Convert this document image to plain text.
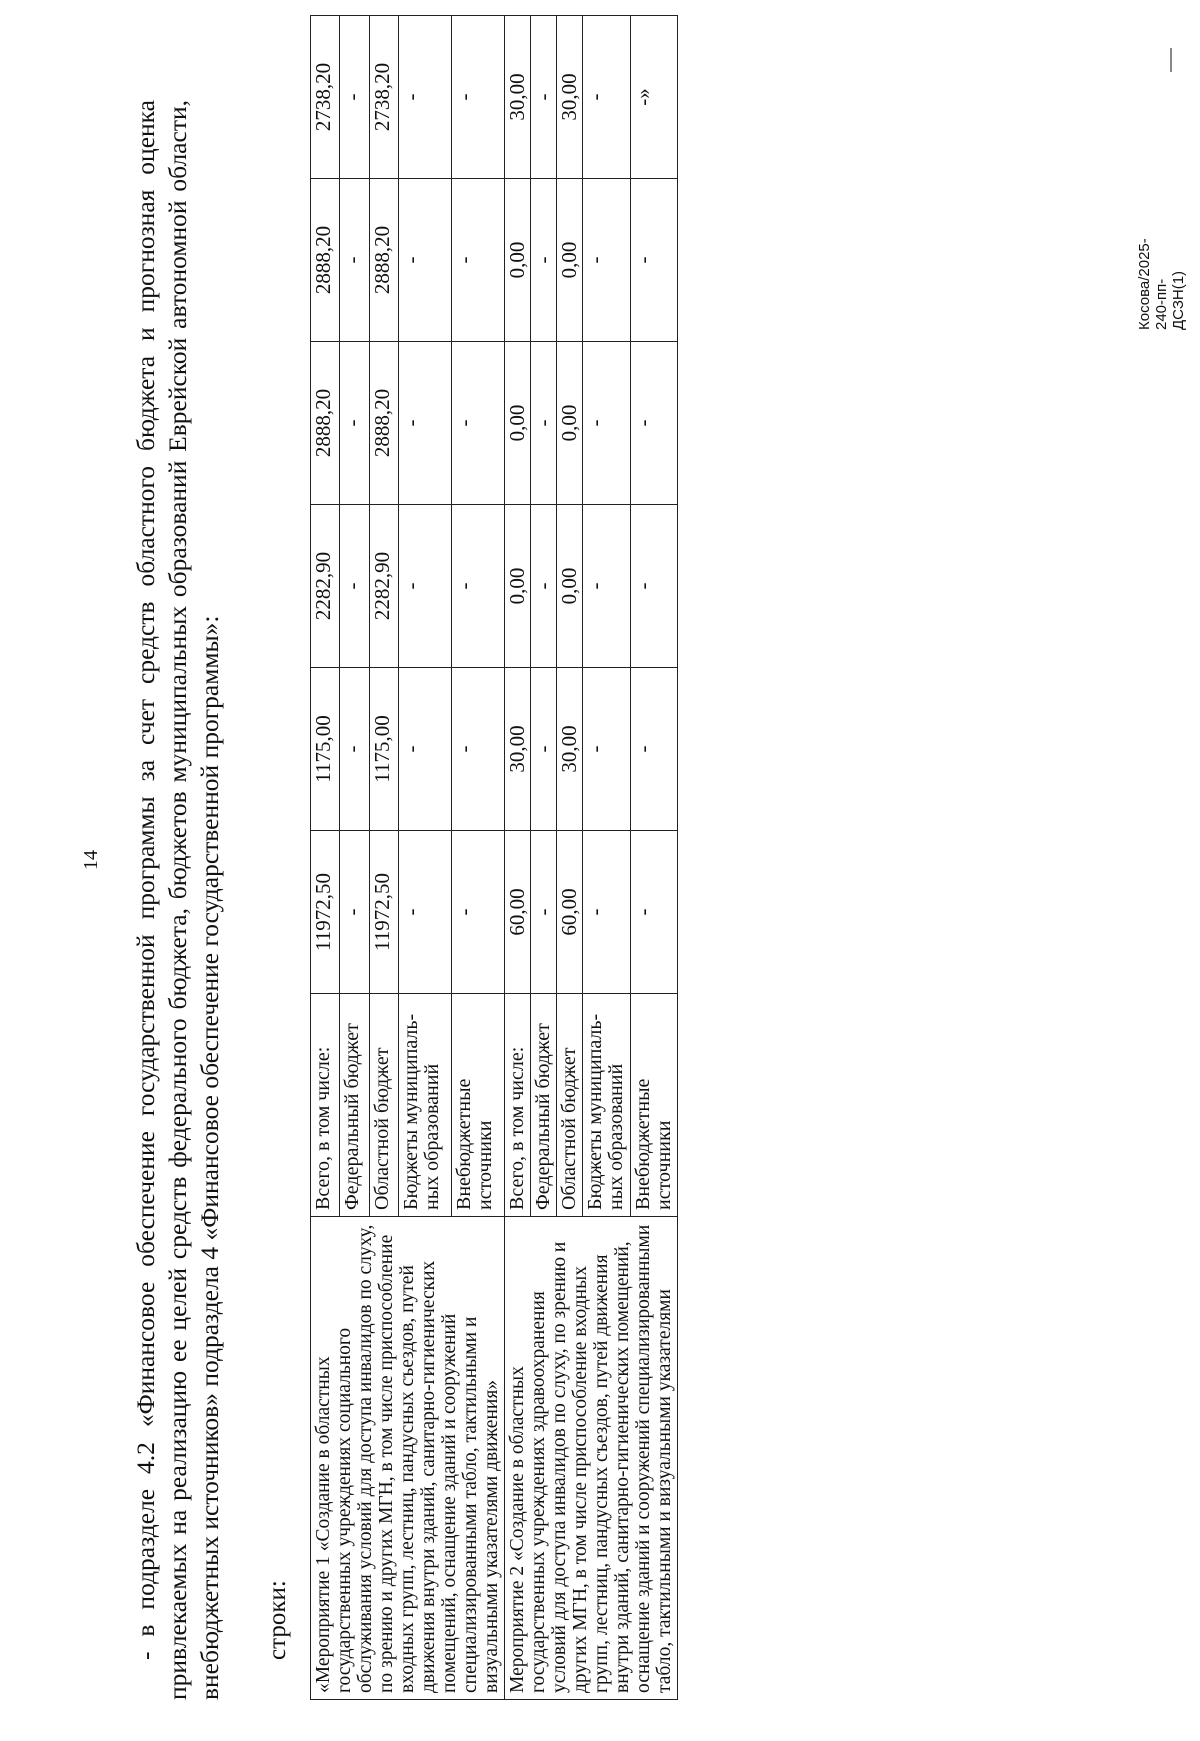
14 - в подразделе 4.2 «Финансовое обеспечение государственной программы за счет средств областного бюджета и прогнозная оценка привлекаемых на реализацию ее целей средств федерального бюджета, бюджетов муниципальных образований Еврейской автономной области, внебюджетных источников» подраздела 4 «Финансовое обеспечение государственной программы»: строки: «Мероприятие 1 «Создание в областных государственных учреждениях социального обслуживания условий для доступа инвалидов по слуху, по зрению и других МГН, в том числе приспособление входных групп, лестниц, пандусных съездов, путей движения внутри зданий, санитарно-гигиенических помещений, оснащение зданий и сооружений специализированными табло, тактильными и визуальными указателями движения»	Всего, в том числе:	11972,50	1175,00	2282,90	2888,20	2888,20	2738,20
	Федеральный бюджет	-	-	-	-	-	-
	Областной бюджет	11972,50	1175,00	2282,90	2888,20	2888,20	2738,20
	Бюджеты муниципаль-ных образований	-	-	-	-	-	-
	Внебюджетные источники	-	-	-	-	-	-
Мероприятие 2 «Создание в областных государственных учреждениях здравоохранения условий для доступа инвалидов по слуху, по зрению и других МГН, в том числе приспособление входных групп, лестниц, пандусных съездов, путей движения внутри зданий, санитарно-гигиенических помещений, оснащение зданий и сооружений специализированными табло, тактильными и визуальными указателями	Всего, в том числе:	60,00	30,00	0,00	0,00	0,00	30,00
	Федеральный бюджет	-	-	-	-	-	-
	Областной бюджет	60,00	30,00	0,00	0,00	0,00	30,00
	Бюджеты муниципаль-ных образований	-	-	-	-	-	-
	Внебюджетные источники	-	-	-	-	-	-»
Косова/2025-240-пп-ДСЗН(1)
